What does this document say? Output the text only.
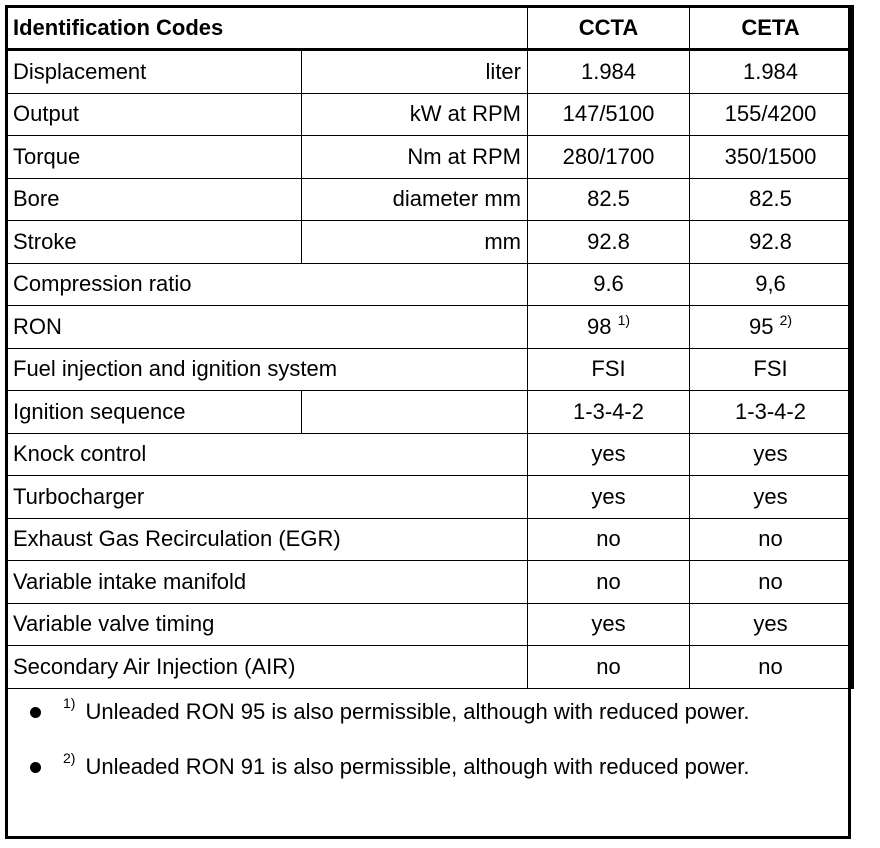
Identification Codes		CCTA	CETA
Displacement	liter	1.984	1.984
Output	kW at RPM	147/5100	155/4200
Torque	Nm at RPM	280/1700	350/1500
Bore	diameter mm	82.5	82.5
Stroke	mm	92.8	92.8
Compression ratio		9.6	9,6
RON		98 $^{1)}$	95 $^{2)}$
Fuel injection and ignition system		FSI	FSI
Ignition sequence		1-3-4-2	1-3-4-2
Knock control		yes	yes
Turbocharger		yes	yes
Exhaust Gas Recirculation (EGR)		no	no
Variable intake manifold		no	no
Variable valve timing		yes	yes
Secondary Air Injection (AIR)		no	no
1) Unleaded RON 95 is also permissible, although with reduced power.
2) Unleaded RON 91 is also permissible, although with reduced power.
